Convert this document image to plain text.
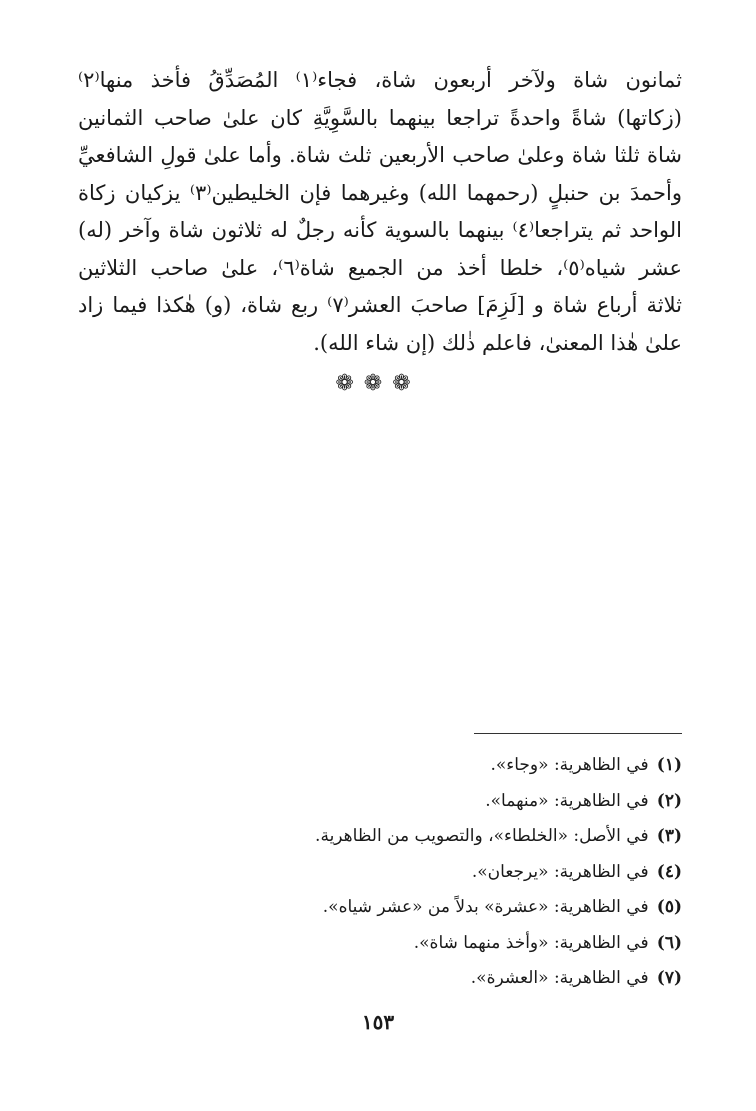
ثمانون شاة ولآخر أربعون شاة، فجاء⁽١⁾ المُصَدِّقُ فأخذ منها⁽٢⁾
(زكاتها) شاةً واحدةً تراجعا بينهما بالسَّوِيَّةِ كان علىٰ صاحب الثمانين
شاة ثلثا شاة وعلىٰ صاحب الأربعين ثلث شاة. وأما علىٰ قولِ الشافعيِّ
وأحمدَ بن حنبلٍ (رحمهما الله) وغيرهما فإن الخليطين⁽٣⁾ يزكيان زكاة
الواحد ثم يتراجعا⁽٤⁾ بينهما بالسوية كأنه رجلٌ له ثلاثون شاة وآخر (له)
عشر شياه⁽٥⁾، خلطا أخذ من الجميع شاة⁽٦⁾، علىٰ صاحب الثلاثين
ثلاثة أرباع شاة و [لَزِمَ] صاحبَ العشر⁽٧⁾ ربع شاة، (و) هٰكذا فيما زاد
علىٰ هٰذا المعنىٰ، فاعلم ذٰلك (إن شاء الله).
❁❁❁
(١) في الظاهرية: «وجاء».
(٢) في الظاهرية: «منهما».
(٣) في الأصل: «الخلطاء»، والتصويب من الظاهرية.
(٤) في الظاهرية: «يرجعان».
(٥) في الظاهرية: «عشرة» بدلاً من «عشر شياه».
(٦) في الظاهرية: «وأخذ منهما شاة».
(٧) في الظاهرية: «العشرة».
١٥٣
